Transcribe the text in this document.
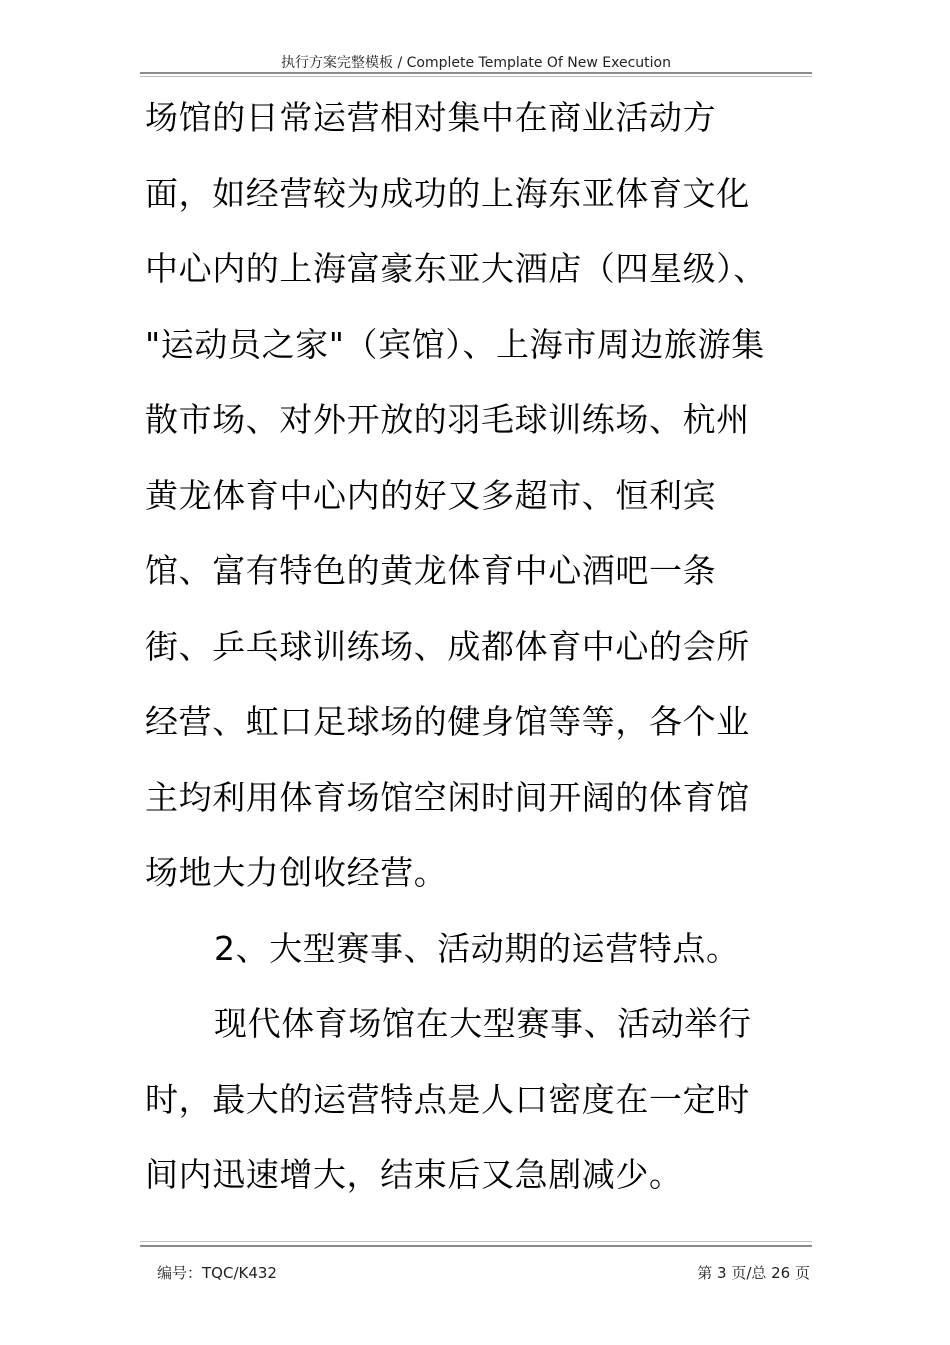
执行方案完整模板 / Complete Template Of New Execution

场馆的日常运营相对集中在商业活动方
面，如经营较为成功的上海东亚体育文化
中心内的上海富豪东亚大酒店（四星级）、
"运动员之家"（宾馆）、上海市周边旅游集
散市场、对外开放的羽毛球训练场、杭州
黄龙体育中心内的好又多超市、恒利宾
馆、富有特色的黄龙体育中心酒吧一条
街、乒乓球训练场、成都体育中心的会所
经营、虹口足球场的健身馆等等，各个业
主均利用体育场馆空闲时间开阔的体育馆
场地大力创收经营。

2、大型赛事、活动期的运营特点。

现代体育场馆在大型赛事、活动举行
时，最大的运营特点是人口密度在一定时
间内迅速增大，结束后又急剧减少。

编号：TQC/K432	第 3 页/总 26 页
